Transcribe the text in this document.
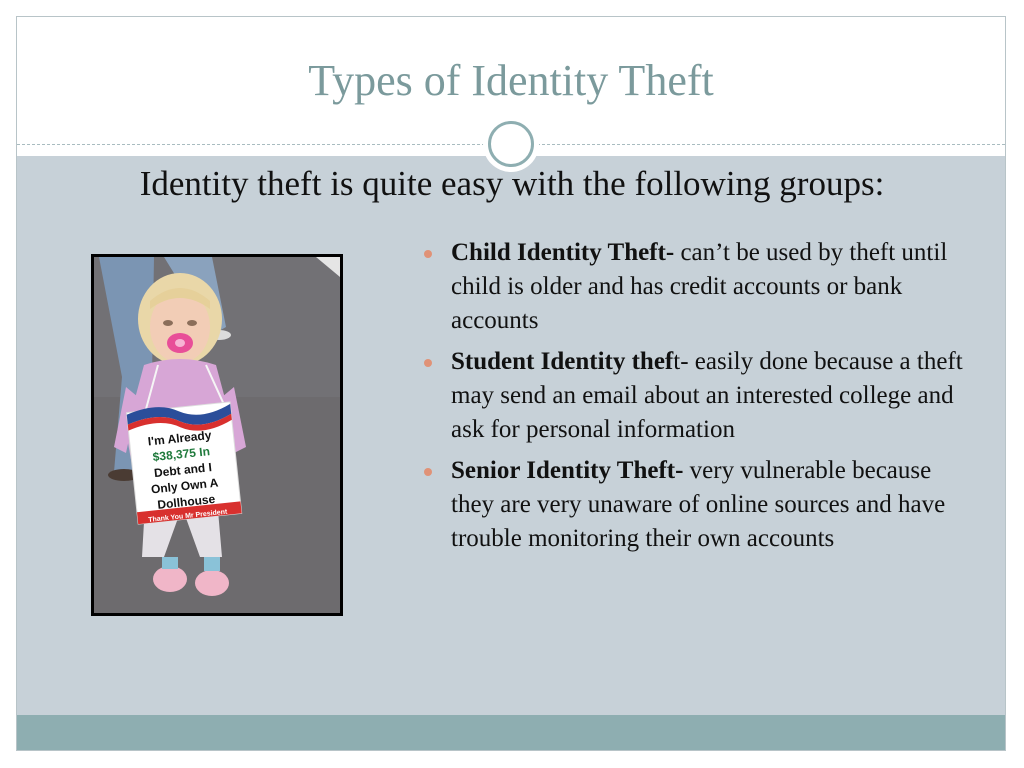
Types of Identity Theft
Identity theft is quite easy with the following groups:
I'm Already
$38,375 In
Debt and I
Only Own A
Dollhouse
Thank You Mr President
Child Identity Theft- can’t be used by theft until child is older and has credit accounts or bank accounts
Student Identity theft- easily done because a theft may send an email about an interested college and ask for personal information
Senior Identity Theft- very vulnerable because they are very unaware of online sources and have trouble monitoring their own accounts
